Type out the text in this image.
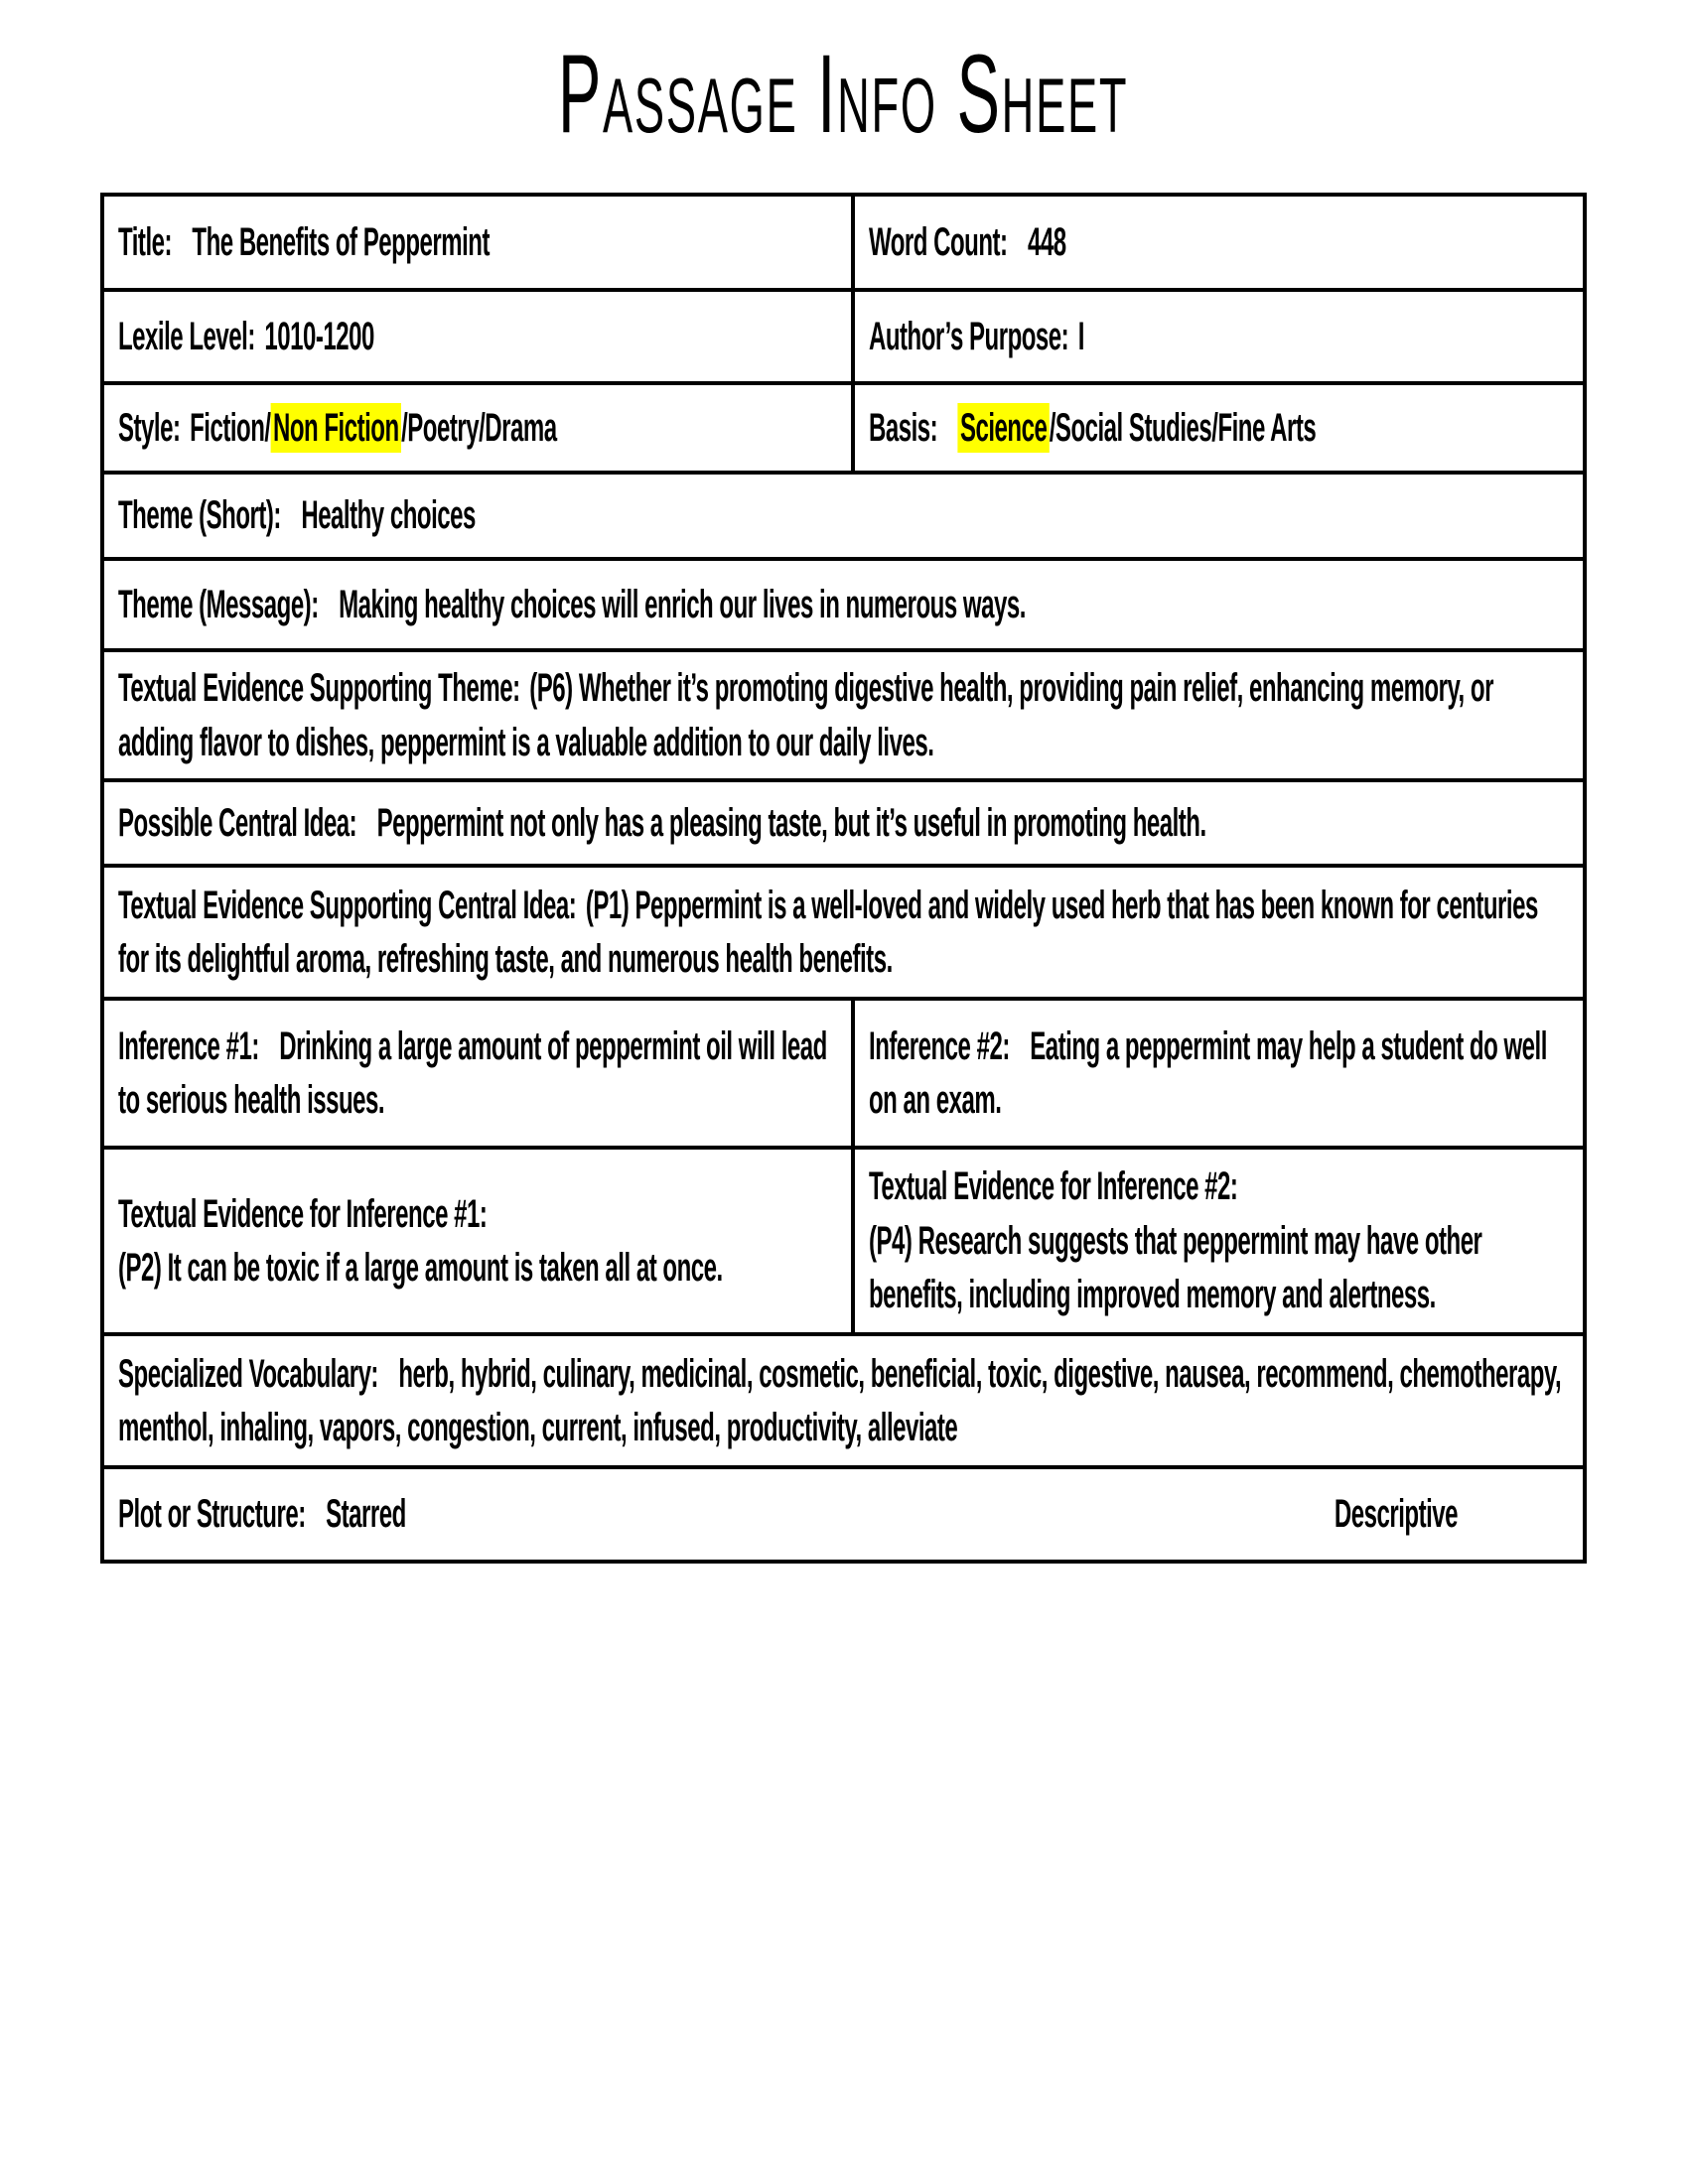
Passage Info Sheet
Title: The Benefits of Peppermint	Word Count: 448
Lexile Level: 1010-1200	Author’s Purpose: I
Style: Fiction/Non Fiction/Poetry/Drama	Basis: Science/Social Studies/Fine Arts
Theme (Short): Healthy choices
Theme (Message): Making healthy choices will enrich our lives in numerous ways.
Textual Evidence Supporting Theme: (P6) Whether it’s promoting digestive health, providing pain relief, enhancing memory, or adding flavor to dishes, peppermint is a valuable addition to our daily lives.
Possible Central Idea: Peppermint not only has a pleasing taste, but it’s useful in promoting health.
Textual Evidence Supporting Central Idea: (P1) Peppermint is a well-loved and widely used herb that has been known for centuries for its delightful aroma, refreshing taste, and numerous health benefits.
Inference #1: Drinking a large amount of peppermint oil will lead to serious health issues.
Inference #2: Eating a peppermint may help a student do well on an exam.
Textual Evidence for Inference #1:
(P2) It can be toxic if a large amount is taken all at once.
Textual Evidence for Inference #2:
(P4) Research suggests that peppermint may have other benefits, including improved memory and alertness.
Specialized Vocabulary: herb, hybrid, culinary, medicinal, cosmetic, beneficial, toxic, digestive, nausea, recommend, chemotherapy, menthol, inhaling, vapors, congestion, current, infused, productivity, alleviate
Plot or Structure: Starred	Descriptive
